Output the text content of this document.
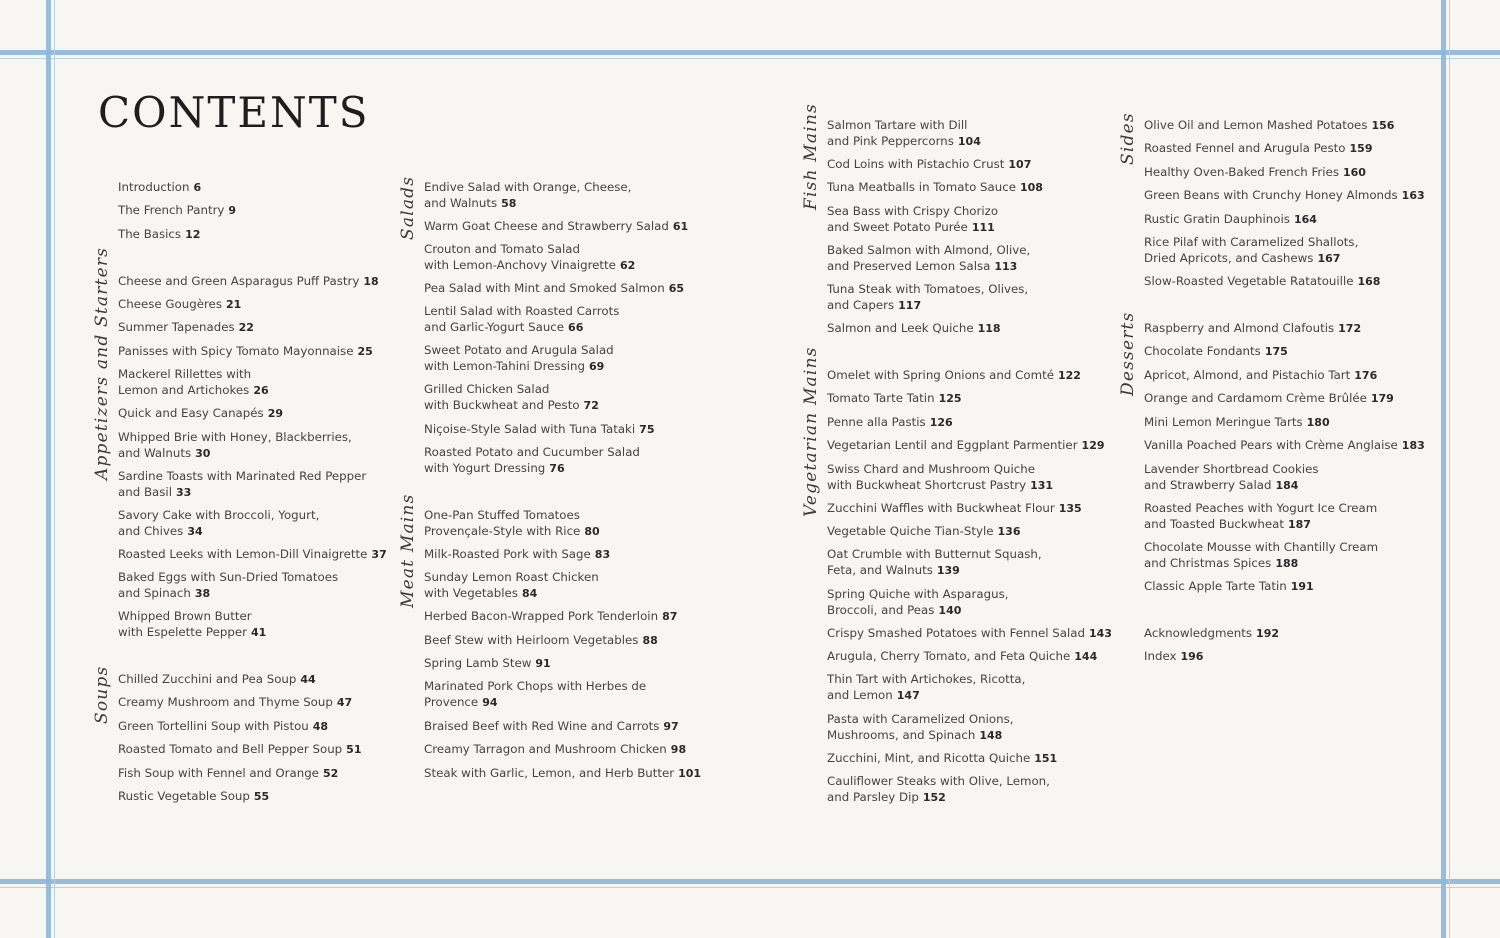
CONTENTS

Introduction 6

The French Pantry 9

The Basics 12

Appetizers and Starters Cheese and Green Asparagus Puff Pastry 18

Cheese Gougères 21

Summer Tapenades 22

Panisses with Spicy Tomato Mayonnaise 25

Mackerel Rillettes with
Lemon and Artichokes 26

Quick and Easy Canapés 29

Whipped Brie with Honey, Blackberries,
and Walnuts 30

Sardine Toasts with Marinated Red Pepper
and Basil 33

Savory Cake with Broccoli, Yogurt,
and Chives 34

Roasted Leeks with Lemon-Dill Vinaigrette 37

Baked Eggs with Sun-Dried Tomatoes
and Spinach 38

Whipped Brown Butter
with Espelette Pepper 41

Soups Chilled Zucchini and Pea Soup 44

Creamy Mushroom and Thyme Soup 47

Green Tortellini Soup with Pistou 48

Roasted Tomato and Bell Pepper Soup 51

Fish Soup with Fennel and Orange 52

Rustic Vegetable Soup 55

Salads Endive Salad with Orange, Cheese,
and Walnuts 58

Warm Goat Cheese and Strawberry Salad 61

Crouton and Tomato Salad
with Lemon-Anchovy Vinaigrette 62

Pea Salad with Mint and Smoked Salmon 65

Lentil Salad with Roasted Carrots
and Garlic-Yogurt Sauce 66

Sweet Potato and Arugula Salad
with Lemon-Tahini Dressing 69

Grilled Chicken Salad
with Buckwheat and Pesto 72

Niçoise-Style Salad with Tuna Tataki 75

Roasted Potato and Cucumber Salad
with Yogurt Dressing 76

Meat Mains One-Pan Stuffed Tomatoes
Provençale-Style with Rice 80

Milk-Roasted Pork with Sage 83

Sunday Lemon Roast Chicken
with Vegetables 84

Herbed Bacon-Wrapped Pork Tenderloin 87

Beef Stew with Heirloom Vegetables 88

Spring Lamb Stew 91

Marinated Pork Chops with Herbes de
Provence 94

Braised Beef with Red Wine and Carrots 97

Creamy Tarragon and Mushroom Chicken 98

Steak with Garlic, Lemon, and Herb Butter 101

Fish Mains Salmon Tartare with Dill
and Pink Peppercorns 104

Cod Loins with Pistachio Crust 107

Tuna Meatballs in Tomato Sauce 108

Sea Bass with Crispy Chorizo
and Sweet Potato Purée 111

Baked Salmon with Almond, Olive,
and Preserved Lemon Salsa 113

Tuna Steak with Tomatoes, Olives,
and Capers 117

Salmon and Leek Quiche 118

Vegetarian Mains Omelet with Spring Onions and Comté 122

Tomato Tarte Tatin 125

Penne alla Pastis 126

Vegetarian Lentil and Eggplant Parmentier 129

Swiss Chard and Mushroom Quiche
with Buckwheat Shortcrust Pastry 131

Zucchini Waffles with Buckwheat Flour 135

Vegetable Quiche Tian-Style 136

Oat Crumble with Butternut Squash,
Feta, and Walnuts 139

Spring Quiche with Asparagus,
Broccoli, and Peas 140

Crispy Smashed Potatoes with Fennel Salad 143

Arugula, Cherry Tomato, and Feta Quiche 144

Thin Tart with Artichokes, Ricotta,
and Lemon 147

Pasta with Caramelized Onions,
Mushrooms, and Spinach 148

Zucchini, Mint, and Ricotta Quiche 151

Cauliflower Steaks with Olive, Lemon,
and Parsley Dip 152

Sides Olive Oil and Lemon Mashed Potatoes 156

Roasted Fennel and Arugula Pesto 159

Healthy Oven-Baked French Fries 160

Green Beans with Crunchy Honey Almonds 163

Rustic Gratin Dauphinois 164

Rice Pilaf with Caramelized Shallots,
Dried Apricots, and Cashews 167

Slow-Roasted Vegetable Ratatouille 168

Desserts Raspberry and Almond Clafoutis 172

Chocolate Fondants 175

Apricot, Almond, and Pistachio Tart 176

Orange and Cardamom Crème Brûlée 179

Mini Lemon Meringue Tarts 180

Vanilla Poached Pears with Crème Anglaise 183

Lavender Shortbread Cookies
and Strawberry Salad 184

Roasted Peaches with Yogurt Ice Cream
and Toasted Buckwheat 187

Chocolate Mousse with Chantilly Cream
and Christmas Spices 188

Classic Apple Tarte Tatin 191

Acknowledgments 192

Index 196
